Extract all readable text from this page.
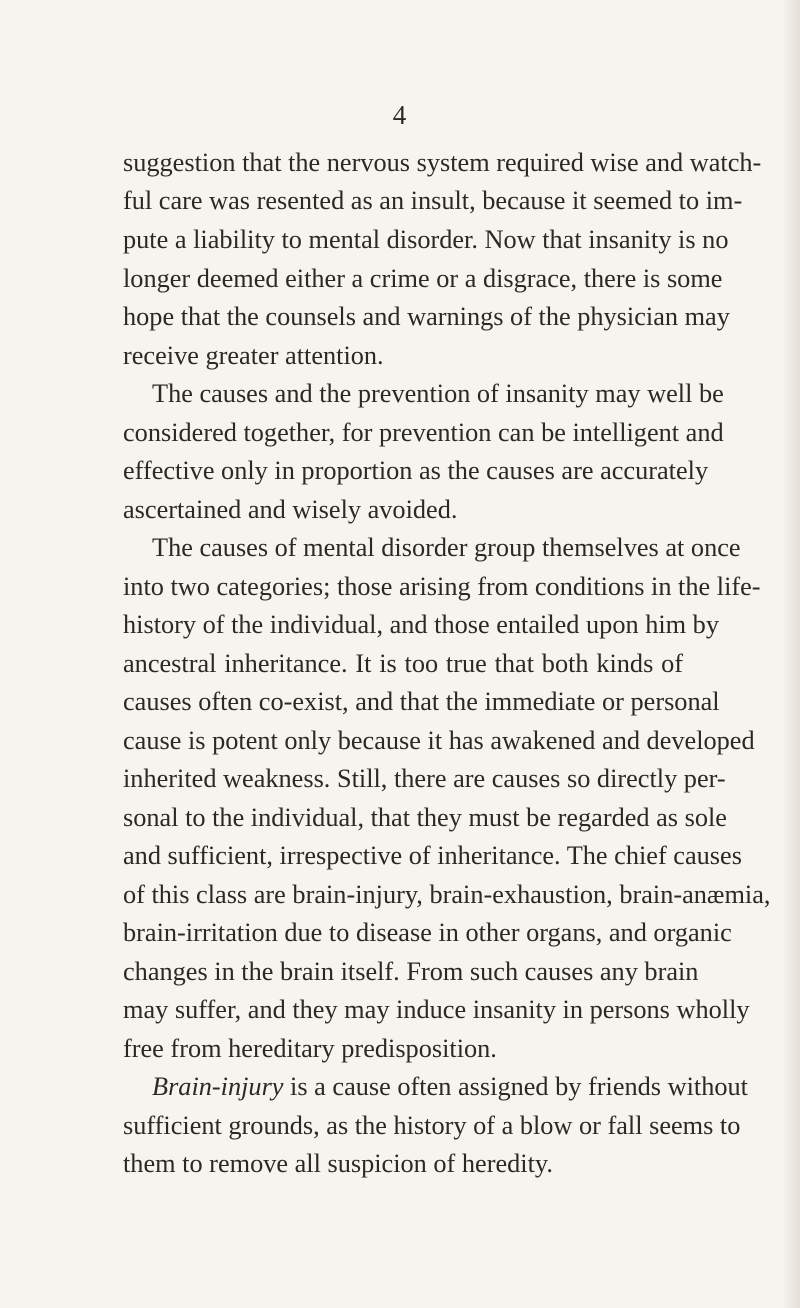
4
suggestion that the nervous system required wise and watch-
ful care was resented as an insult, because it seemed to im-
pute a liability to mental disorder. Now that insanity is no
longer deemed either a crime or a disgrace, there is some
hope that the counsels and warnings of the physician may
receive greater attention.
The causes and the prevention of insanity may well be
considered together, for prevention can be intelligent and
effective only in proportion as the causes are accurately
ascertained and wisely avoided.
The causes of mental disorder group themselves at once
into two categories; those arising from conditions in the life-
history of the individual, and those entailed upon him by
ancestral inheritance. It is too true that both kinds of
causes often co-exist, and that the immediate or personal
cause is potent only because it has awakened and developed
inherited weakness. Still, there are causes so directly per-
sonal to the individual, that they must be regarded as sole
and sufficient, irrespective of inheritance. The chief causes
of this class are brain-injury, brain-exhaustion, brain-anæmia,
brain-irritation due to disease in other organs, and organic
changes in the brain itself. From such causes any brain
may suffer, and they may induce insanity in persons wholly
free from hereditary predisposition.
Brain-injury is a cause often assigned by friends without
sufficient grounds, as the history of a blow or fall seems to
them to remove all suspicion of heredity.
